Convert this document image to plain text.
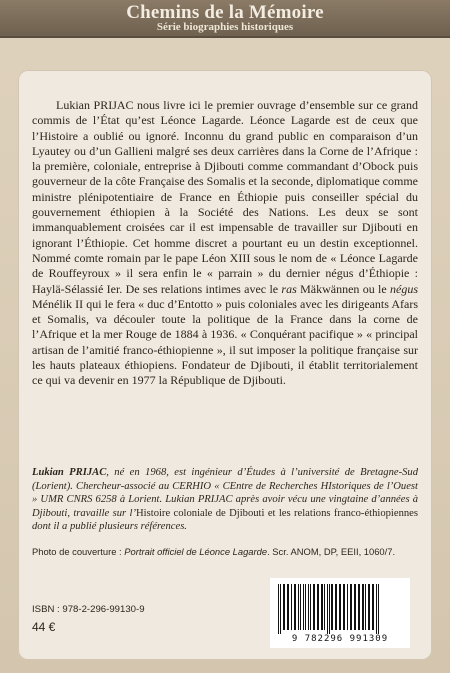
Chemins de la Mémoire
Série biographies historiques

Lukian PRIJAC nous livre ici le premier ouvrage d’ensemble sur ce grand commis de l’État qu’est Léonce Lagarde. Léonce Lagarde est de ceux que l’Histoire a oublié ou ignoré. Inconnu du grand public en comparaison d’un Lyautey ou d’un Gallieni malgré ses deux carrières dans la Corne de l’Afrique : la première, coloniale, entreprise à Djibouti comme commandant d’Obock puis gouverneur de la côte Française des Somalis et la seconde, diplomatique comme ministre plénipotentiaire de France en Éthiopie puis conseiller spécial du gouvernement éthiopien à la Société des Nations. Les deux se sont immanquablement croisées car il est impensable de travailler sur Djibouti en ignorant l’Éthiopie. Cet homme discret a pourtant eu un destin exceptionnel. Nommé comte romain par le pape Léon XIII sous le nom de « Léonce Lagarde de Rouffeyroux » il sera enfin le « parrain » du dernier négus d’Éthiopie : Haylä-Sélassié Ier. De ses relations intimes avec le ras Mäkwännen ou le négus Ménélik II qui le fera « duc d’Entotto » puis coloniales avec les dirigeants Afars et Somalis, va découler toute la politique de la France dans la corne de l’Afrique et la mer Rouge de 1884 à 1936. « Conquérant pacifique » « principal artisan de l’amitié franco-éthiopienne », il sut imposer la politique française sur les hauts plateaux éthiopiens. Fondateur de Djibouti, il établit territorialement ce qui va devenir en 1977 la République de Djibouti.

Lukian PRIJAC, né en 1968, est ingénieur d’Études à l’université de Bretagne-Sud (Lorient). Chercheur-associé au CERHIO « CEntre de Recherches HIstoriques de l’Ouest » UMR CNRS 6258 à Lorient. Lukian PRIJAC après avoir vécu une vingtaine d’années à Djibouti, travaille sur l’Histoire coloniale de Djibouti et les relations franco-éthiopiennes dont il a publié plusieurs références.
Photo de couverture : Portrait officiel de Léonce Lagarde. Scr. ANOM, DP, EEII, 1060/7.
ISBN : 978-2-296-99130-9
44 €
9 782296 991309
